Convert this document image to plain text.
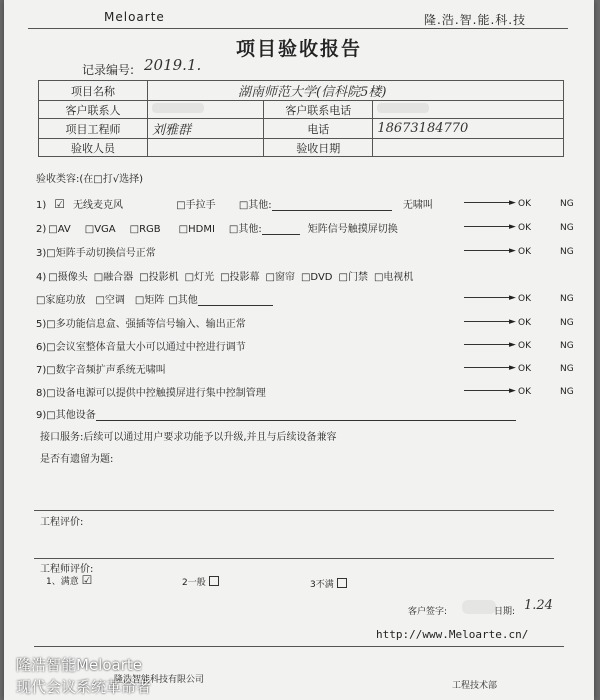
Meloarte	隆.浩.智.能.科.技
项目验收报告
记录编号: 2019.1.
项目名称	湖南师范大学(信科院5楼)		
客户联系人		客户联系电话	
项目工程师	刘雅群	电话	18673184770
验收人员		验收日期	
验收类容:(在□打√选择)
1) ☑ 无线麦克风	□手拉手 □其他:	无啸叫	► OK	NG
2) □AV □VGA □RGB □HDMI □其他:	矩阵信号触摸屏切换	► OK	NG
3)□矩阵手动切换信号正常	► OK	NG
4) □摄像头 □融合器 □投影机 □灯光 □投影幕 □窗帘 □DVD □门禁 □电视机
□家庭功放 □空调 □矩阵 □其他	► OK	NG
5)□多功能信息盒、强插等信号输入、输出正常	► OK	NG
6)□会议室整体音量大小可以通过中控进行调节	► OK	NG
7)□数字音频扩声系统无啸叫	► OK	NG
8)□设备电源可以提供中控触摸屏进行集中控制管理	► OK	NG
9)□其他设备
接口服务:后续可以通过用户要求功能予以升级,并且与后续设备兼容
是否有遗留为题:
工程评价:
工程师评价:
1、满意 ☑	2一般	3不满
客户签字:	日期: 1.24
http://www.Meloarte.cn/
隆浩智能科技有限公司
工程技术部
隆浩智能Meloarte
现代会议系统革命者
